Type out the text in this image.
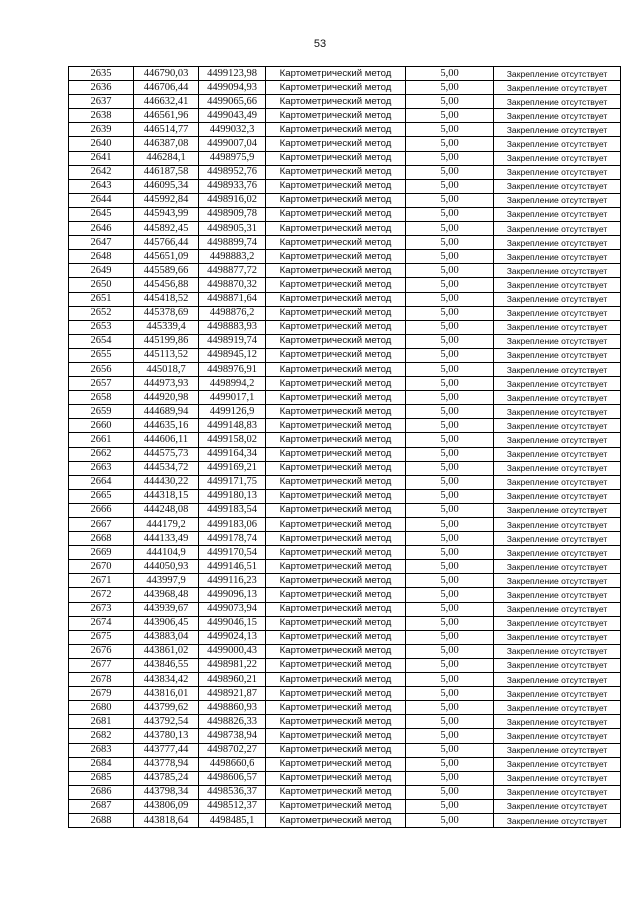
53
2635	446790,03	4499123,98	Картометрический метод	5,00	Закрепление отсутствует
2636	446706,44	4499094,93	Картометрический метод	5,00	Закрепление отсутствует
2637	446632,41	4499065,66	Картометрический метод	5,00	Закрепление отсутствует
2638	446561,96	4499043,49	Картометрический метод	5,00	Закрепление отсутствует
2639	446514,77	4499032,3	Картометрический метод	5,00	Закрепление отсутствует
2640	446387,08	4499007,04	Картометрический метод	5,00	Закрепление отсутствует
2641	446284,1	4498975,9	Картометрический метод	5,00	Закрепление отсутствует
2642	446187,58	4498952,76	Картометрический метод	5,00	Закрепление отсутствует
2643	446095,34	4498933,76	Картометрический метод	5,00	Закрепление отсутствует
2644	445992,84	4498916,02	Картометрический метод	5,00	Закрепление отсутствует
2645	445943,99	4498909,78	Картометрический метод	5,00	Закрепление отсутствует
2646	445892,45	4498905,31	Картометрический метод	5,00	Закрепление отсутствует
2647	445766,44	4498899,74	Картометрический метод	5,00	Закрепление отсутствует
2648	445651,09	4498883,2	Картометрический метод	5,00	Закрепление отсутствует
2649	445589,66	4498877,72	Картометрический метод	5,00	Закрепление отсутствует
2650	445456,88	4498870,32	Картометрический метод	5,00	Закрепление отсутствует
2651	445418,52	4498871,64	Картометрический метод	5,00	Закрепление отсутствует
2652	445378,69	4498876,2	Картометрический метод	5,00	Закрепление отсутствует
2653	445339,4	4498883,93	Картометрический метод	5,00	Закрепление отсутствует
2654	445199,86	4498919,74	Картометрический метод	5,00	Закрепление отсутствует
2655	445113,52	4498945,12	Картометрический метод	5,00	Закрепление отсутствует
2656	445018,7	4498976,91	Картометрический метод	5,00	Закрепление отсутствует
2657	444973,93	4498994,2	Картометрический метод	5,00	Закрепление отсутствует
2658	444920,98	4499017,1	Картометрический метод	5,00	Закрепление отсутствует
2659	444689,94	4499126,9	Картометрический метод	5,00	Закрепление отсутствует
2660	444635,16	4499148,83	Картометрический метод	5,00	Закрепление отсутствует
2661	444606,11	4499158,02	Картометрический метод	5,00	Закрепление отсутствует
2662	444575,73	4499164,34	Картометрический метод	5,00	Закрепление отсутствует
2663	444534,72	4499169,21	Картометрический метод	5,00	Закрепление отсутствует
2664	444430,22	4499171,75	Картометрический метод	5,00	Закрепление отсутствует
2665	444318,15	4499180,13	Картометрический метод	5,00	Закрепление отсутствует
2666	444248,08	4499183,54	Картометрический метод	5,00	Закрепление отсутствует
2667	444179,2	4499183,06	Картометрический метод	5,00	Закрепление отсутствует
2668	444133,49	4499178,74	Картометрический метод	5,00	Закрепление отсутствует
2669	444104,9	4499170,54	Картометрический метод	5,00	Закрепление отсутствует
2670	444050,93	4499146,51	Картометрический метод	5,00	Закрепление отсутствует
2671	443997,9	4499116,23	Картометрический метод	5,00	Закрепление отсутствует
2672	443968,48	4499096,13	Картометрический метод	5,00	Закрепление отсутствует
2673	443939,67	4499073,94	Картометрический метод	5,00	Закрепление отсутствует
2674	443906,45	4499046,15	Картометрический метод	5,00	Закрепление отсутствует
2675	443883,04	4499024,13	Картометрический метод	5,00	Закрепление отсутствует
2676	443861,02	4499000,43	Картометрический метод	5,00	Закрепление отсутствует
2677	443846,55	4498981,22	Картометрический метод	5,00	Закрепление отсутствует
2678	443834,42	4498960,21	Картометрический метод	5,00	Закрепление отсутствует
2679	443816,01	4498921,87	Картометрический метод	5,00	Закрепление отсутствует
2680	443799,62	4498860,93	Картометрический метод	5,00	Закрепление отсутствует
2681	443792,54	4498826,33	Картометрический метод	5,00	Закрепление отсутствует
2682	443780,13	4498738,94	Картометрический метод	5,00	Закрепление отсутствует
2683	443777,44	4498702,27	Картометрический метод	5,00	Закрепление отсутствует
2684	443778,94	4498660,6	Картометрический метод	5,00	Закрепление отсутствует
2685	443785,24	4498606,57	Картометрический метод	5,00	Закрепление отсутствует
2686	443798,34	4498536,37	Картометрический метод	5,00	Закрепление отсутствует
2687	443806,09	4498512,37	Картометрический метод	5,00	Закрепление отсутствует
2688	443818,64	4498485,1	Картометрический метод	5,00	Закрепление отсутствует
